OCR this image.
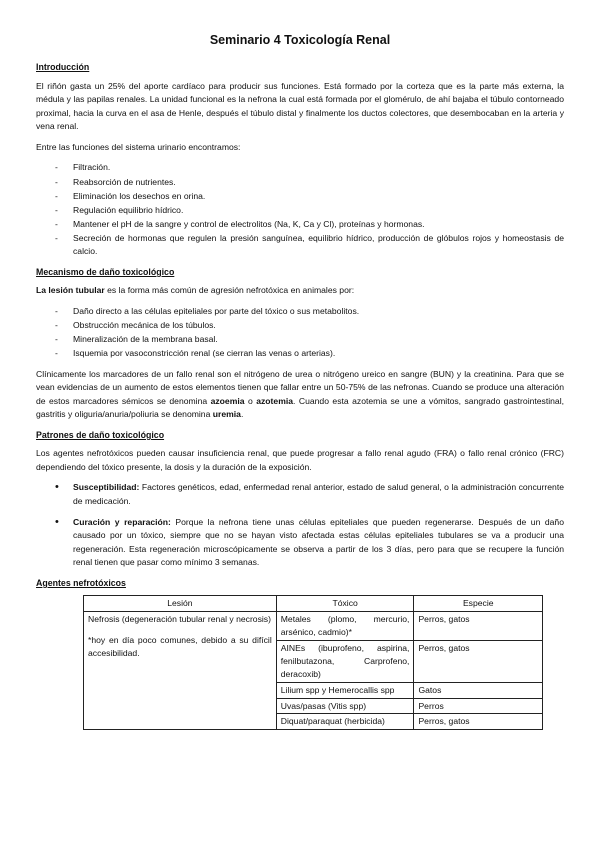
Seminario 4 Toxicología Renal
Introducción

El riñón gasta un 25% del aporte cardíaco para producir sus funciones. Está formado por la corteza que es la parte más externa, la médula y las papilas renales. La unidad funcional es la nefrona la cual está formada por el glomérulo, de ahí bajaba el túbulo contorneado proximal, hacia la curva en el asa de Henle, después el túbulo distal y finalmente los ductos colectores, que desembocaban en la arteria y vena renal.

Entre las funciones del sistema urinario encontramos:

- Filtración.
- Reabsorción de nutrientes.
- Eliminación los desechos en orina.
- Regulación equilibrio hídrico.
- Mantener el pH de la sangre y control de electrolitos (Na, K, Ca y Cl), proteínas y hormonas.
- Secreción de hormonas que regulen la presión sanguínea, equilibrio hídrico, producción de glóbulos rojos y homeostasis de calcio.
Mecanismo de daño toxicológico

La lesión tubular es la forma más común de agresión nefrotóxica en animales por:

- Daño directo a las células epiteliales por parte del tóxico o sus metabolitos.
- Obstrucción mecánica de los túbulos.
- Mineralización de la membrana basal.
- Isquemia por vasoconstricción renal (se cierran las venas o arterias).

Clínicamente los marcadores de un fallo renal son el nitrógeno de urea o nitrógeno ureico en sangre (BUN) y la creatinina. Para que se vean evidencias de un aumento de estos elementos tienen que fallar entre un 50-75% de las nefronas. Cuando se produce una alteración de estos marcadores sémicos se denomina azoemia o azotemia. Cuando esta azotemia se une a vómitos, sangrado gastrointestinal, gastritis y oliguria/anuria/poliuria se denomina uremia.

Patrones de daño toxicológico

Los agentes nefrotóxicos pueden causar insuficiencia renal, que puede progresar a fallo renal agudo (FRA) o fallo renal crónico (FRC) dependiendo del tóxico presente, la dosis y la duración de la exposición.

• Susceptibilidad: Factores genéticos, edad, enfermedad renal anterior, estado de salud general, o la administración concurrente de medicación.
• Curación y reparación: Porque la nefrona tiene unas células epiteliales que pueden regenerarse. Después de un daño causado por un tóxico, siempre que no se hayan visto afectada estas células epiteliales tubulares se va a producir una regeneración. Esta regeneración microscópicamente se observa a partir de los 3 días, pero para que se recupere la función renal tienen que pasar como mínimo 3 semanas.
Agentes nefrotóxicos
Lesión	Tóxico	Especie

Nefrosis (degeneración tubular renal y necrosis)
*hoy en día poco comunes, debido a su difícil accesibilidad.	Metales (plomo, mercurio, arsénico, cadmio)*	Perros, gatos
	AINEs (ibuprofeno, aspirina, fenilbutazona, Carprofeno, deracoxib)	Perros, gatos
	Lilium spp y Hemerocallis spp	Gatos
	Uvas/pasas (Vitis spp)	Perros
	Diquat/paraquat (herbicida)	Perros, gatos
